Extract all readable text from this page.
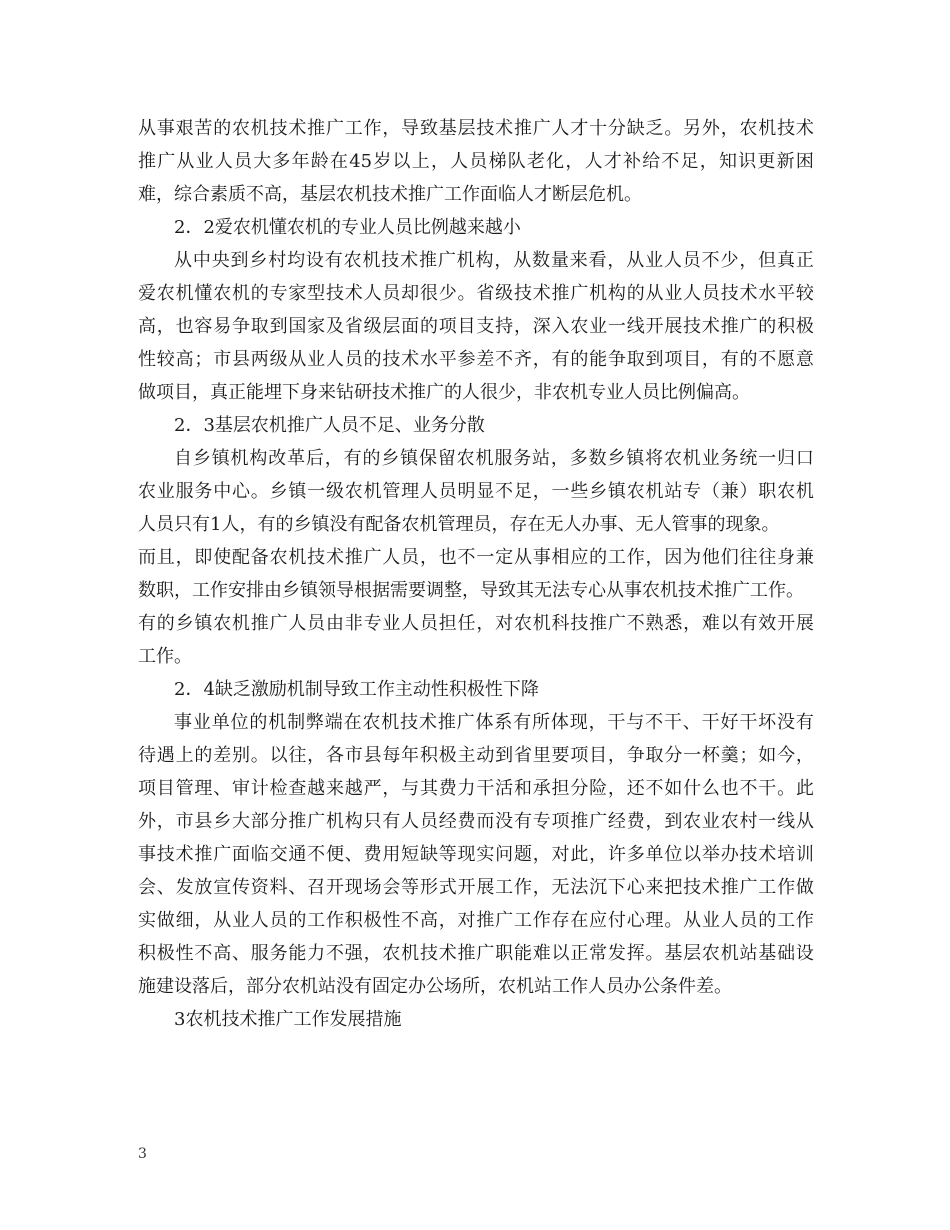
从 事 艰 苦 的 农 机 技 术 推 广 工 作 ， 导 致 基 层 技 术 推 广 人 才 十 分 缺 乏 。 另 外 ， 农 机 技 术
推 广 从 业 人 员 大 多 年 龄 在 45 岁 以 上 ， 人 员 梯 队 老 化 ， 人 才 补 给 不 足 ， 知 识 更 新 困
难，综合素质不高，基层农机技术推广工作面临人才断层危机。
2．2爱农机懂农机的专业人员比例越来越小
从 中 央 到 乡 村 均 设 有 农 机 技 术 推 广 机 构 ， 从 数 量 来 看 ， 从 业 人 员 不 少 ， 但 真 正
爱 农 机 懂 农 机 的 专 家 型 技 术 人 员 却 很 少 。 省 级 技 术 推 广 机 构 的 从 业 人 员 技 术 水 平 较
高 ， 也 容 易 争 取 到 国 家 及 省 级 层 面 的 项 目 支 持 ， 深 入 农 业 一 线 开 展 技 术 推 广 的 积 极
性 较 高 ； 市 县 两 级 从 业 人 员 的 技 术 水 平 参 差 不 齐 ， 有 的 能 争 取 到 项 目 ， 有 的 不 愿 意
做项目，真正能埋下身来钻研技术推广的人很少，非农机专业人员比例偏高。
2．3基层农机推广人员不足、业务分散
自 乡 镇 机 构 改 革 后 ， 有 的 乡 镇 保 留 农 机 服 务 站 ， 多 数 乡 镇 将 农 机 业 务 统 一 归 口
农 业 服 务 中 心 。 乡 镇 一 级 农 机 管 理 人 员 明 显 不 足 ， 一 些 乡 镇 农 机 站 专 （ 兼 ） 职 农 机
人员只有1人，有的乡镇没有配备农机管理员，存在无人办事、无人管事的现象。
而 且 ， 即 使 配 备 农 机 技 术 推 广 人 员 ， 也 不 一 定 从 事 相 应 的 工 作 ， 因 为 他 们 往 往 身 兼
数职，工作安排由乡镇领导根据需要调整，导致其无法专心从事农机技术推广工作。
有 的 乡 镇 农 机 推 广 人 员 由 非 专 业 人 员 担 任 ， 对 农 机 科 技 推 广 不 熟 悉 ， 难 以 有 效 开 展
工作。
2．4缺乏激励机制导致工作主动性积极性下降
事 业 单 位 的 机 制 弊 端 在 农 机 技 术 推 广 体 系 有 所 体 现 ， 干 与 不 干 、 干 好 干 坏 没 有
待 遇 上 的 差 别 。 以 往 ， 各 市 县 每 年 积 极 主 动 到 省 里 要 项 目 ， 争 取 分 一 杯 羹 ； 如 今 ，
项 目 管 理 、 审 计 检 查 越 来 越 严 ， 与 其 费 力 干 活 和 承 担 分 险 ， 还 不 如 什 么 也 不 干 。 此
外 ， 市 县 乡 大 部 分 推 广 机 构 只 有 人 员 经 费 而 没 有 专 项 推 广 经 费 ， 到 农 业 农 村 一 线 从
事 技 术 推 广 面 临 交 通 不 便 、 费 用 短 缺 等 现 实 问 题 ， 对 此 ， 许 多 单 位 以 举 办 技 术 培 训
会 、 发 放 宣 传 资 料 、 召 开 现 场 会 等 形 式 开 展 工 作 ， 无 法 沉 下 心 来 把 技 术 推 广 工 作 做
实 做 细 ， 从 业 人 员 的 工 作 积 极 性 不 高 ， 对 推 广 工 作 存 在 应 付 心 理 。 从 业 人 员 的 工 作
积 极 性 不 高 、 服 务 能 力 不 强 ， 农 机 技 术 推 广 职 能 难 以 正 常 发 挥 。 基 层 农 机 站 基 础 设
施建设落后，部分农机站没有固定办公场所，农机站工作人员办公条件差。
3农机技术推广工作发展措施
3
